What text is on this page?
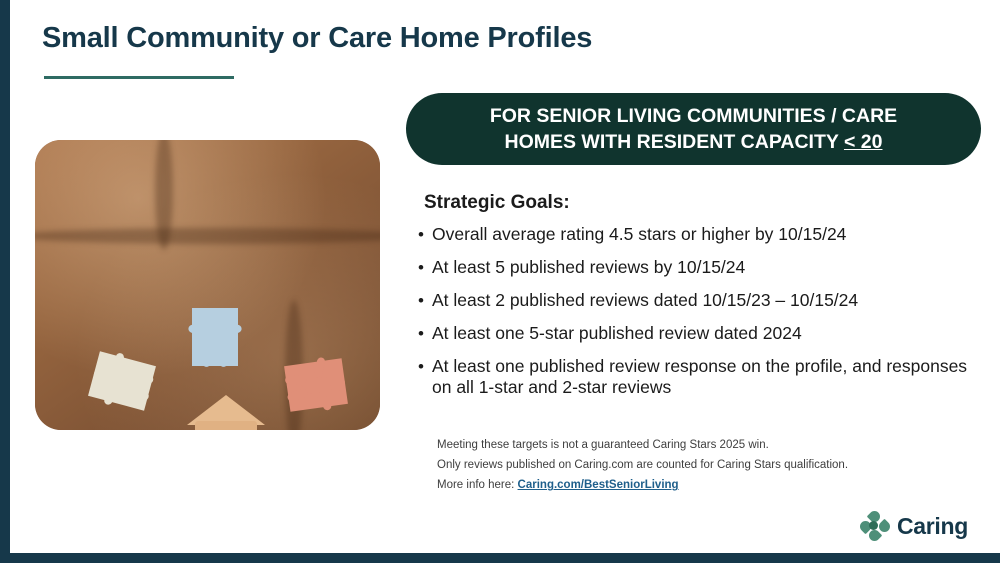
Small Community or Care Home Profiles
FOR SENIOR LIVING COMMUNITIES / CARE
HOMES WITH RESIDENT CAPACITY < 20
Strategic Goals:
• Overall average rating 4.5 stars or higher by 10/15/24
• At least 5 published reviews by 10/15/24
• At least 2 published reviews dated 10/15/23 – 10/15/24
• At least one 5-star published review dated 2024
• At least one published review response on the profile, and responses on all 1-star and 2-star reviews
Meeting these targets is not a guaranteed Caring Stars 2025 win.
Only reviews published on Caring.com are counted for Caring Stars qualification.
More info here: Caring.com/BestSeniorLiving
Caring
